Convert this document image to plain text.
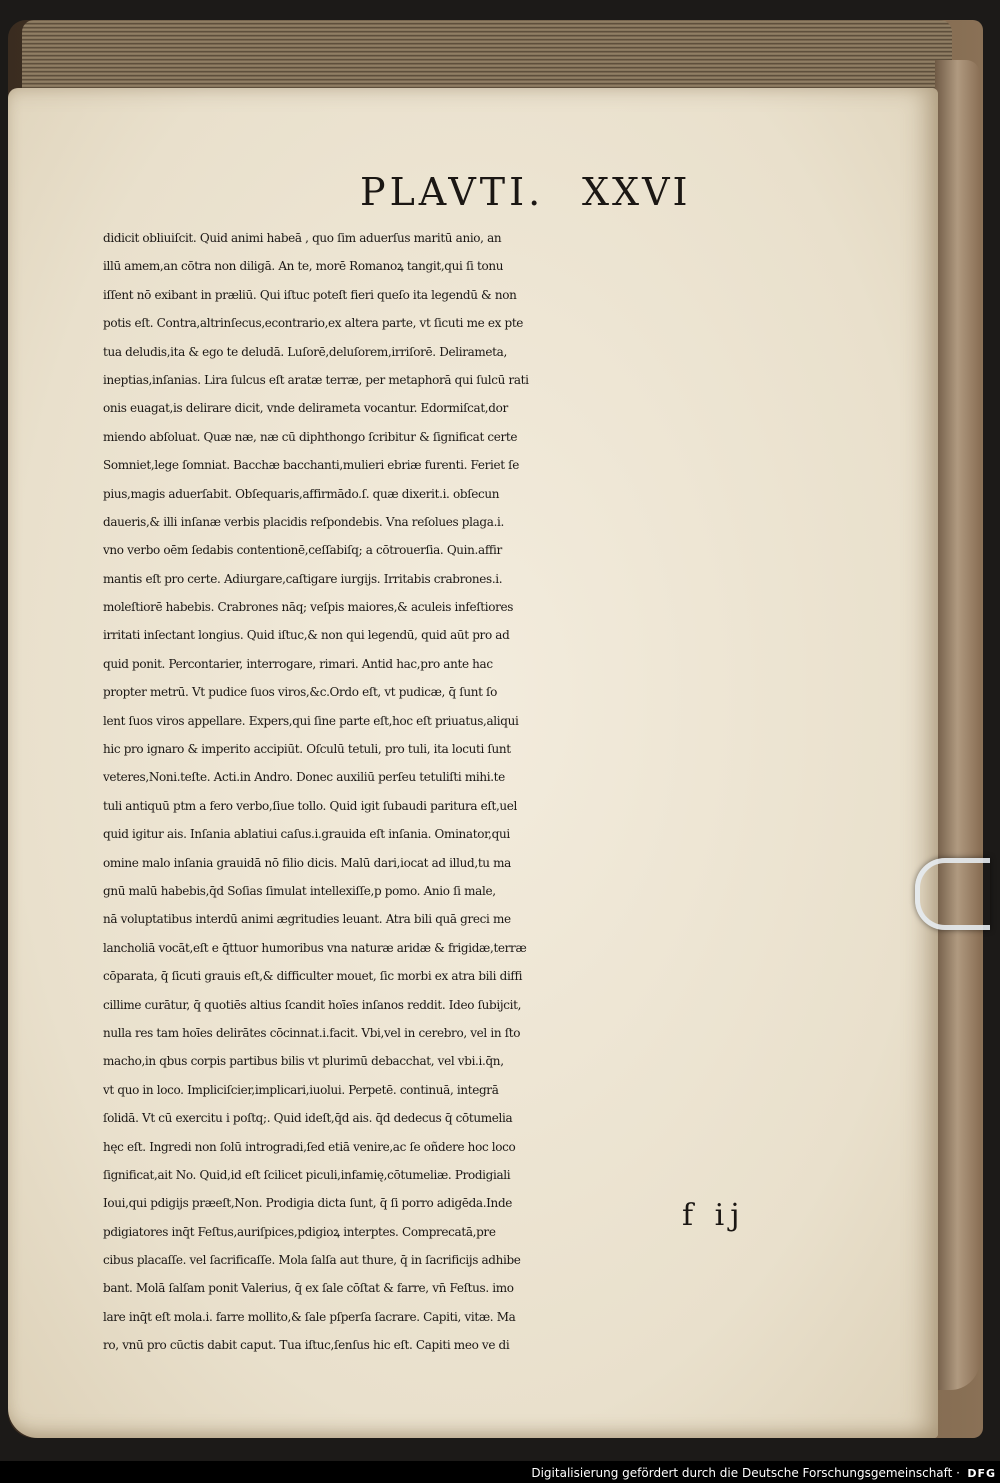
PLAVTI. XXVI
didicit obliuiſcit. Quid animi habeā , quo ſim aduerſus maritū anio, an
illū amem,an cōtra non diligā. An te, morē Romanoꝝ tangit,qui ſi tonu
iſſent nō exibant in præliū. Qui iſtuc poteſt fieri queſo ita legendū & non
potis eſt. Contra,altrinſecus,econtrario,ex altera parte, vt ſicuti me ex pte
tua deludis,ita & ego te deludā. Luſorē,deluſorem,irriſorē. Delirameta,
ineptias,inſanias. Lira ſulcus eſt aratæ terræ, per metaphorā qui ſulcū rati
onis euagat,is delirare dicit, vnde delirameta vocantur. Edormiſcat,dor
miendo abſoluat. Quæ næ, næ cū diphthongo ſcribitur & ſignificat certe
Somniet,lege ſomniat. Bacchæ bacchanti,mulieri ebriæ furenti. Feriet ſe
pius,magis aduerſabit. Obſequaris,affirmādo.ſ. quæ dixerit.i. obſecun
daueris,& illi inſanæ verbis placidis reſpondebis. Vna reſolues plaga.i.
vno verbo oēm ſedabis contentionē,ceſſabiſq; a cōtrouerſia. Quin.affir
mantis eſt pro certe. Adiurgare,caſtigare iurgijs. Irritabis crabrones.i.
moleſtiorē habebis. Crabrones nāq; veſpis maiores,& aculeis infeſtiores
irritati inſectant longius. Quid iſtuc,& non qui legendū, quid aūt pro ad
quid ponit. Percontarier, interrogare, rimari. Antid hac,pro ante hac
propter metrū. Vt pudice ſuos viros,&c.Ordo eſt, vt pudicæ, q̄ ſunt ſo
lent ſuos viros appellare. Expers,qui ſine parte eſt,hoc eſt priuatus,aliqui
hic pro ignaro & imperito accipiūt. Oſculū tetuli, pro tuli, ita locuti ſunt
veteres,Noni.teſte. Acti.in Andro. Donec auxiliū perſeu tetuliſti mihi.te
tuli antiquū ptm a fero verbo,ſiue tollo. Quid igit ſubaudi paritura eſt,uel
quid igitur ais. Inſania ablatiui caſus.i.grauida eſt inſania. Ominator,qui
omine malo inſania grauidā nō filio dicis. Malū dari,iocat ad illud,tu ma
gnū malū habebis,q̄d Soſias ſimulat intellexiſſe,p pomo. Anio ſi male,
nā voluptatibus interdū animi ægritudies leuant. Atra bili quā greci me
lancholiā vocāt,eſt e q̄ttuor humoribus vna naturæ aridæ & frigidæ,terræ
cōparata, q̄ ſicuti grauis eſt,& difficulter mouet, ſic morbi ex atra bili diffi
cillime curātur, q̄ quotiēs altius ſcandit hoīes inſanos reddit. Ideo ſubijcit,
nulla res tam hoīes delirātes cōcinnat.i.facit. Vbi,vel in cerebro, vel in ſto
macho,in qbus corpis partibus bilis vt plurimū debacchat, vel vbi.i.q̄n,
vt quo in loco. Impliciſcier,implicari,iuolui. Perpetē. continuā, integrā
ſolidā. Vt cū exercitu i poſtq;. Quid ideſt,q̄d ais. q̄d dedecus q̄ cōtumelia
hęc eſt. Ingredi non ſolū introgradi,ſed etiā venire,ac ſe oñdere hoc loco
ſignificat,ait No. Quid,id eſt ſcilicet piculi,infamię,cōtumeliæ. Prodigiali
Ioui,qui pdigijs præeſt,Non. Prodigia dicta ſunt, q̄ ſi porro adigēda.Inde
pdigiatores inq̄t Feſtus,auriſpices,pdigioꝝ interptes. Comprecatā,pre
cibus placaſſe. vel ſacrificaſſe. Mola ſalſa aut thure, q̄ in ſacrificijs adhibe
bant. Molā ſalſam ponit Valerius, q̄ ex ſale cōſtat & farre, vn̄ Feſtus. imo
lare inq̄t eſt mola.i. farre mollito,& ſale pſperſa ſacrare. Capiti, vitæ. Ma
ro, vnū pro cūctis dabit caput. Tua iſtuc,ſenſus hic eſt. Capiti meo ve di
f ij
Digitalisierung gefördert durch die Deutsche Forschungsgemeinschaft · DFG
